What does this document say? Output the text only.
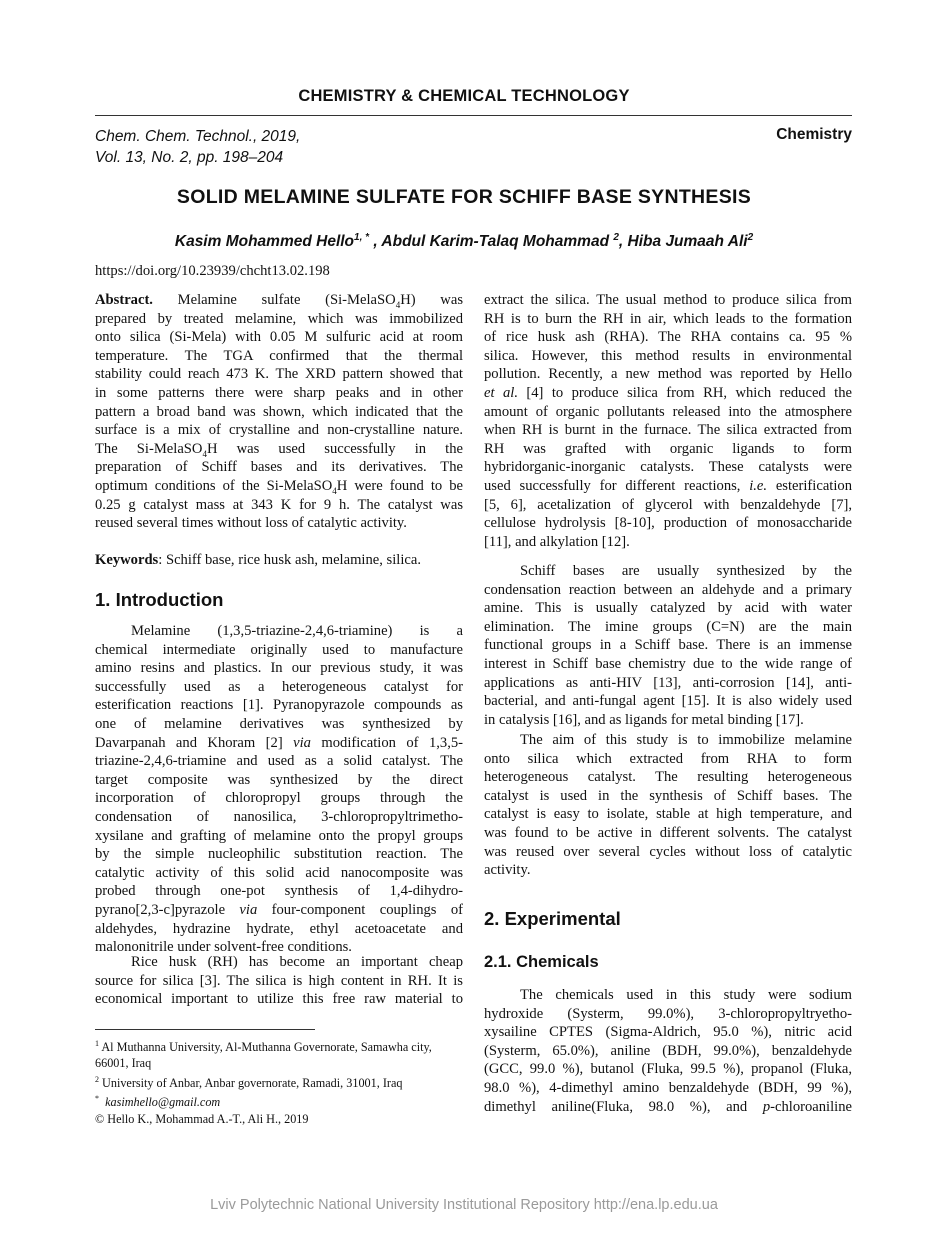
CHEMISTRY & CHEMICAL TECHNOLOGY
Chem. Chem. Technol., 2019,
Vol. 13, No. 2, pp. 198–204
Chemistry
SOLID MELAMINE SULFATE FOR SCHIFF BASE SYNTHESIS
Kasim Mohammed Hello$^{1, *}$ , Abdul Karim-Talaq Mohammad $^2$, Hiba Jumaah Ali$^2$
https://doi.org/10.23939/chcht13.02.198
Abstract. Melamine sulfate (Si-MelaSO$_4$H) was
prepared by treated melamine, which was immobilized
onto silica (Si-Mela) with 0.05 M sulfuric acid at room
temperature. The TGA confirmed that the thermal
stability could reach 473 K. The XRD pattern showed that
in some patterns there were sharp peaks and in other
pattern a broad band was shown, which indicated that the
surface is a mix of crystalline and non-crystalline nature.
The Si-MelaSO$_4$H was used successfully in the
preparation of Schiff bases and its derivatives. The
optimum conditions of the Si-MelaSO$_4$H were found to be
0.25 g catalyst mass at 343 K for 9 h. The catalyst was
reused several times without loss of catalytic activity.
Keywords: Schiff base, rice husk ash, melamine, silica.
1. Introduction
Melamine (1,3,5-triazine-2,4,6-triamine) is a
chemical intermediate originally used to manufacture
amino resins and plastics. In our previous study, it was
successfully used as a heterogeneous catalyst for
esterification reactions [1]. Pyranopyrazole compounds as
one of melamine derivatives was synthesized by
Davarpanah and Khoram [2] via modification of 1,3,5-
triazine-2,4,6-triamine and used as a solid catalyst. The
target composite was synthesized by the direct
incorporation of chloropropyl groups through the
condensation of nanosilica, 3-chloropropyltrimetho-
xysilane and grafting of melamine onto the propyl groups
by the simple nucleophilic substitution reaction. The
catalytic activity of this solid acid nanocomposite was
probed through one-pot synthesis of 1,4-dihydro-
pyrano[2,3-c]pyrazole via four-component couplings of
aldehydes, hydrazine hydrate, ethyl acetoacetate and
malononitrile under solvent-free conditions.
Rice husk (RH) has become an important cheap
source for silica [3]. The silica is high content in RH. It is
economical important to utilize this free raw material to
$^1$ Al Muthanna University, Al-Muthanna Governorate, Samawha city, 66001, Iraq
$^2$ University of Anbar, Anbar governorate, Ramadi, 31001, Iraq
* kasimhello@gmail.com
© Hello K., Mohammad A.-T., Ali H., 2019
extract the silica. The usual method to produce silica from
RH is to burn the RH in air, which leads to the formation
of rice husk ash (RHA). The RHA contains ca. 95 %
silica. However, this method results in environmental
pollution. Recently, a new method was reported by Hello
et al. [4] to produce silica from RH, which reduced the
amount of organic pollutants released into the atmosphere
when RH is burnt in the furnace. The silica extracted from
RH was grafted with organic ligands to form
hybridorganic-inorganic catalysts. These catalysts were
used successfully for different reactions, i.e. esterification
[5, 6], acetalization of glycerol with benzaldehyde [7],
cellulose hydrolysis [8-10], production of monosaccharide
[11], and alkylation [12].
Schiff bases are usually synthesized by the
condensation reaction between an aldehyde and a primary
amine. This is usually catalyzed by acid with water
elimination. The imine groups (C=N) are the main
functional groups in a Schiff base. There is an immense
interest in Schiff base chemistry due to the wide range of
applications as anti-HIV [13], anti-corrosion [14], anti-
bacterial, and anti-fungal agent [15]. It is also widely used
in catalysis [16], and as ligands for metal binding [17].
The aim of this study is to immobilize melamine
onto silica which extracted from RHA to form
heterogeneous catalyst. The resulting heterogeneous
catalyst is used in the synthesis of Schiff bases. The
catalyst is easy to isolate, stable at high temperature, and
was found to be active in different solvents. The catalyst
was reused over several cycles without loss of catalytic
activity.
2. Experimental
2.1. Chemicals
The chemicals used in this study were sodium
hydroxide (Systerm, 99.0%), 3-chloropropyltryetho-
xysailine CPTES (Sigma-Aldrich, 95.0 %), nitric acid
(Systerm, 65.0%), aniline (BDH, 99.0%), benzaldehyde
(GCC, 99.0 %), butanol (Fluka, 99.5 %), propanol (Fluka,
98.0 %), 4-dimethyl amino benzaldehyde (BDH, 99 %),
dimethyl aniline(Fluka, 98.0 %), and p-chloroaniline
Lviv Polytechnic National University Institutional Repository http://ena.lp.edu.ua
